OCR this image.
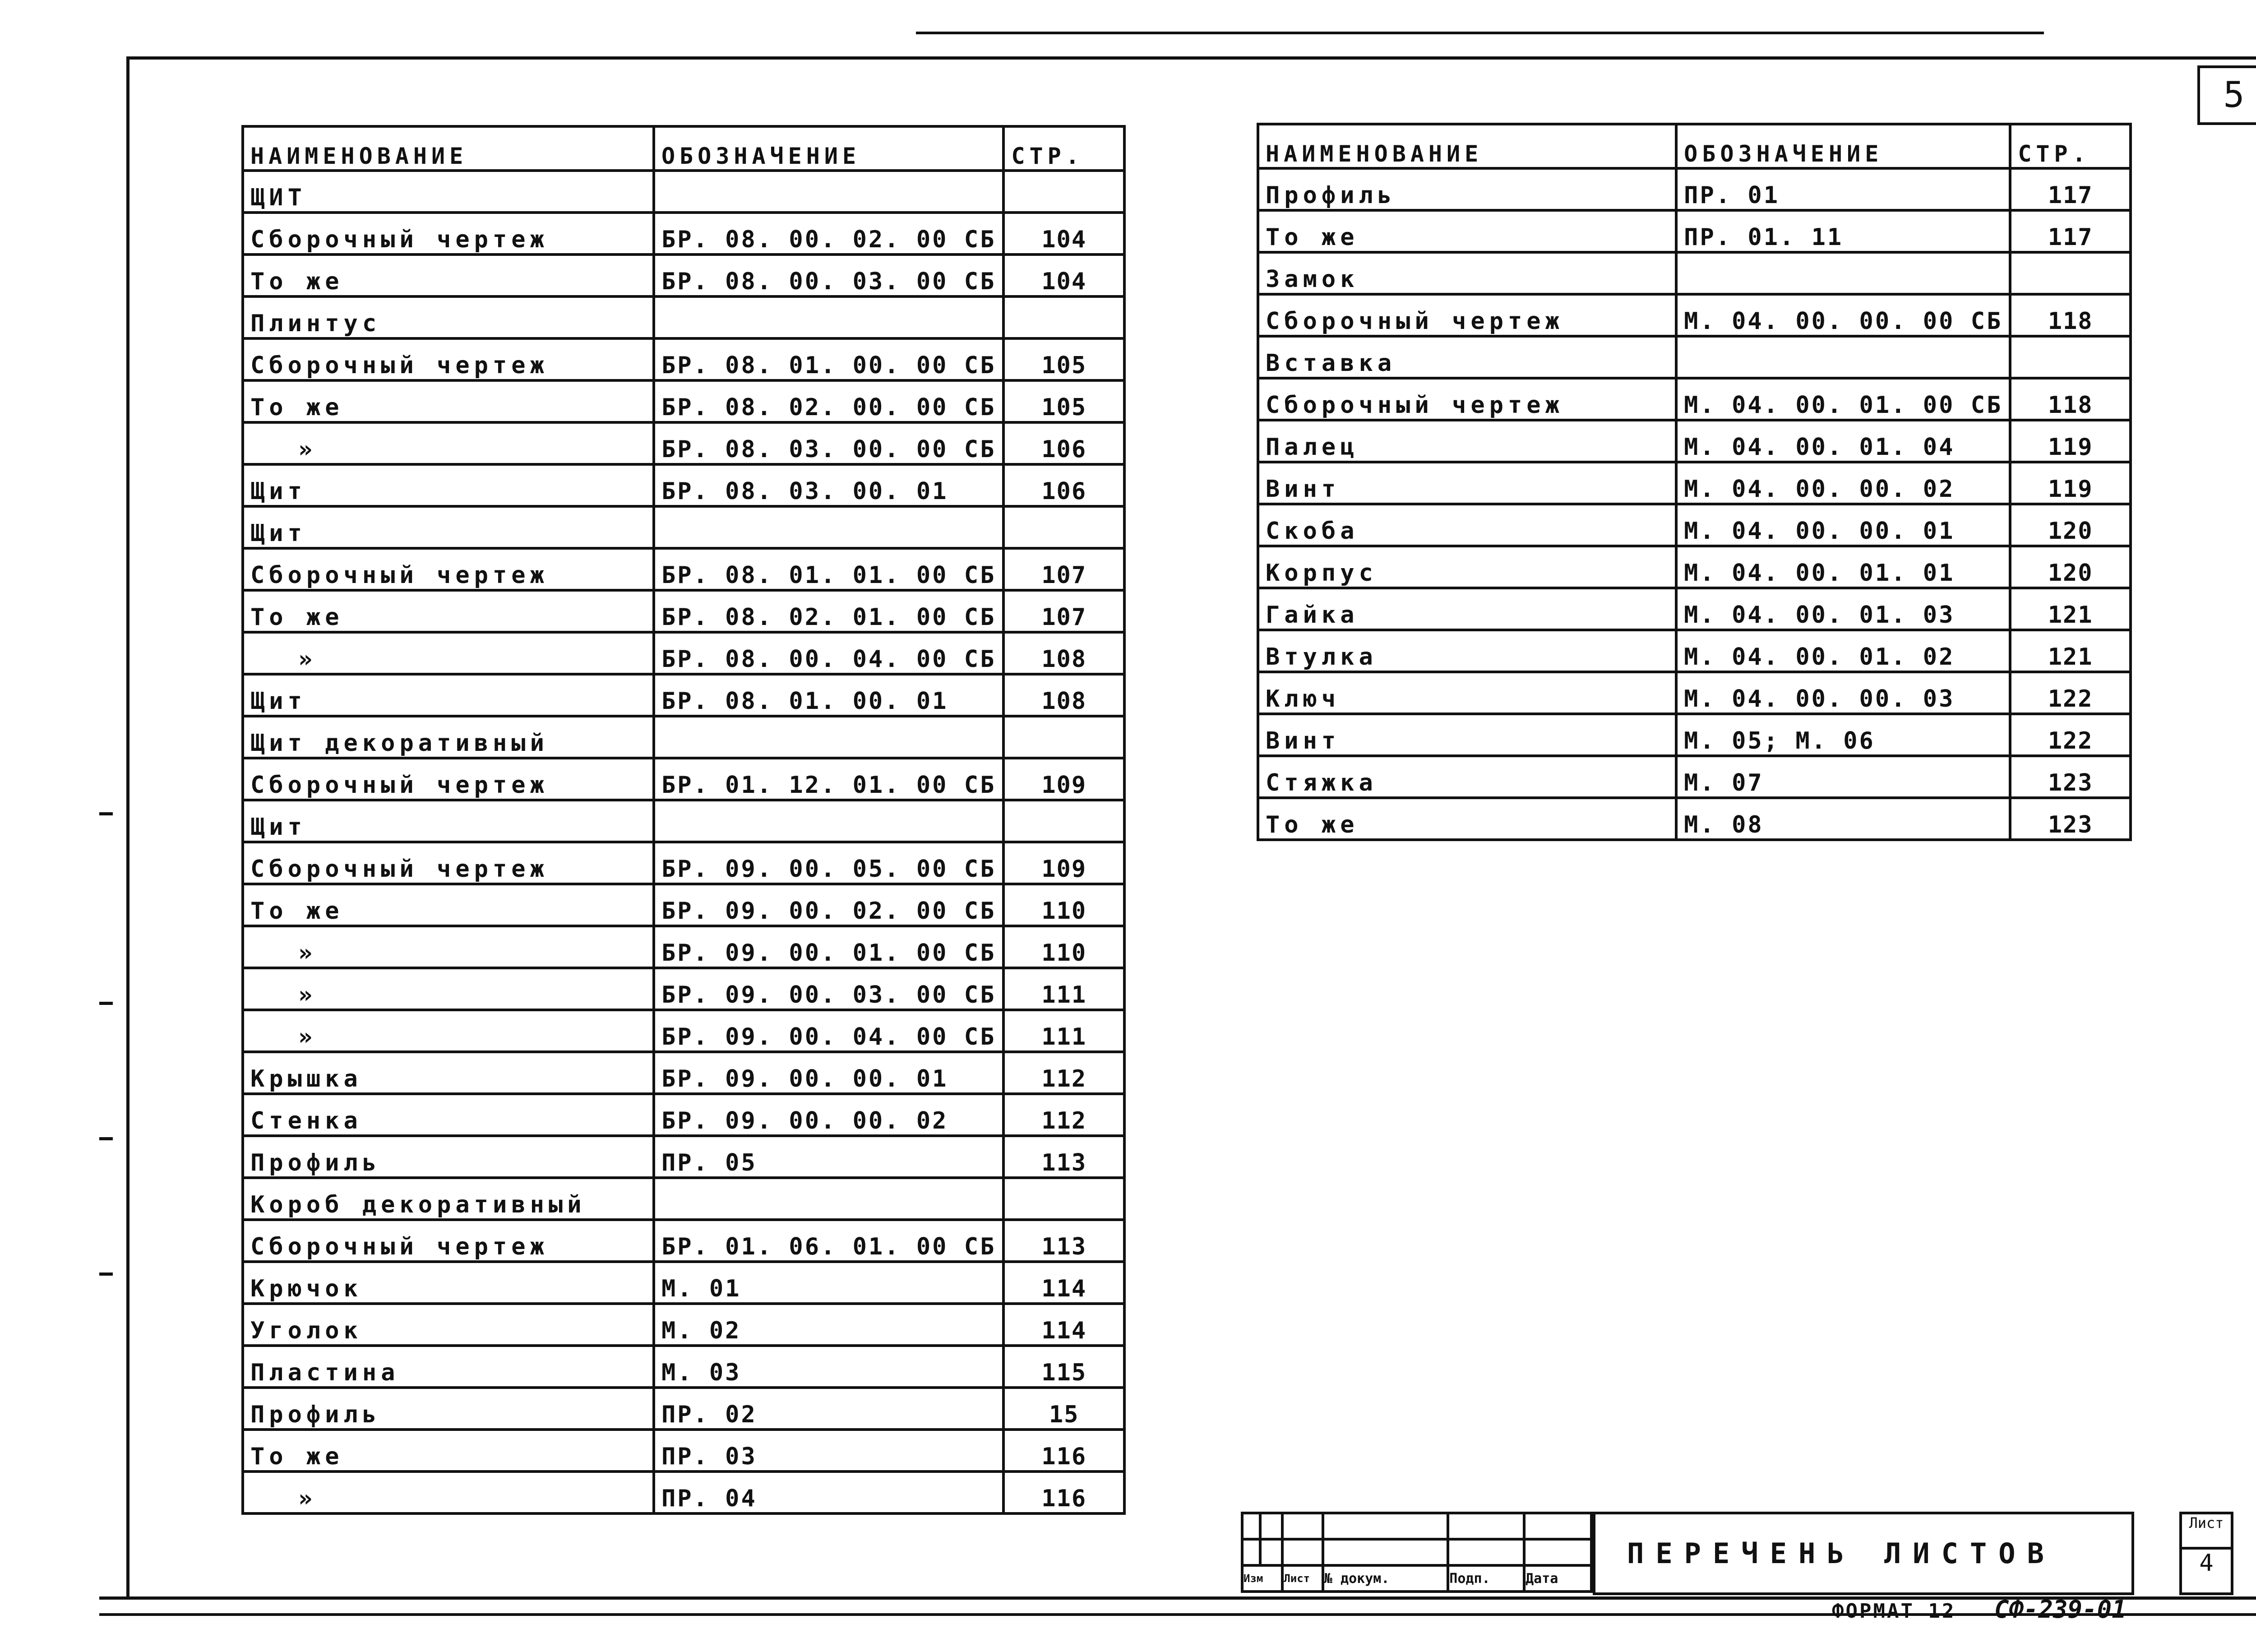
5
НАИМЕНОВАНИЕ	ОБОЗНАЧЕНИЕ	СТР.
ЩИТ		
Сборочный чертеж	БР. 08. 00. 02. 00 СБ	104
То же	БР. 08. 00. 03. 00 СБ	104
Плинтус		
Сборочный чертеж	БР. 08. 01. 00. 00 СБ	105
То же	БР. 08. 02. 00. 00 СБ	105
»	БР. 08. 03. 00. 00 СБ	106
Щит	БР. 08. 03. 00. 01	106
Щит		
Сборочный чертеж	БР. 08. 01. 01. 00 СБ	107
То же	БР. 08. 02. 01. 00 СБ	107
»	БР. 08. 00. 04. 00 СБ	108
Щит	БР. 08. 01. 00. 01	108
Щит декоративный		
Сборочный чертеж	БР. 01. 12. 01. 00 СБ	109
Щит		
Сборочный чертеж	БР. 09. 00. 05. 00 СБ	109
То же	БР. 09. 00. 02. 00 СБ	110
»	БР. 09. 00. 01. 00 СБ	110
»	БР. 09. 00. 03. 00 СБ	111
»	БР. 09. 00. 04. 00 СБ	111
Крышка	БР. 09. 00. 00. 01	112
Стенка	БР. 09. 00. 00. 02	112
Профиль	ПР. 05	113
Короб декоративный		
Сборочный чертеж	БР. 01. 06. 01. 00 СБ	113
Крючок	М. 01	114
Уголок	М. 02	114
Пластина	М. 03	115
Профиль	ПР. 02	15
То же	ПР. 03	116
»	ПР. 04	116
НАИМЕНОВАНИЕ	ОБОЗНАЧЕНИЕ	СТР.
Профиль	ПР. 01	117
То же	ПР. 01. 11	117
Замок		
Сборочный чертеж	М. 04. 00. 00. 00 СБ	118
Вставка		
Сборочный чертеж	М. 04. 00. 01. 00 СБ	118
Палец	М. 04. 00. 01. 04	119
Винт	М. 04. 00. 00. 02	119
Скоба	М. 04. 00. 00. 01	120
Корпус	М. 04. 00. 01. 01	120
Гайка	М. 04. 00. 01. 03	121
Втулка	М. 04. 00. 01. 02	121
Ключ	М. 04. 00. 00. 03	122
Винт	М. 05; М. 06	122
Стяжка	М. 07	123
То же	М. 08	123

Изм		Лист	№ докум.	Подп.	Дата
ПЕРЕЧЕНЬ ЛИСТОВ
Лист
4
ФОРМАТ 12 СФ-239-01
